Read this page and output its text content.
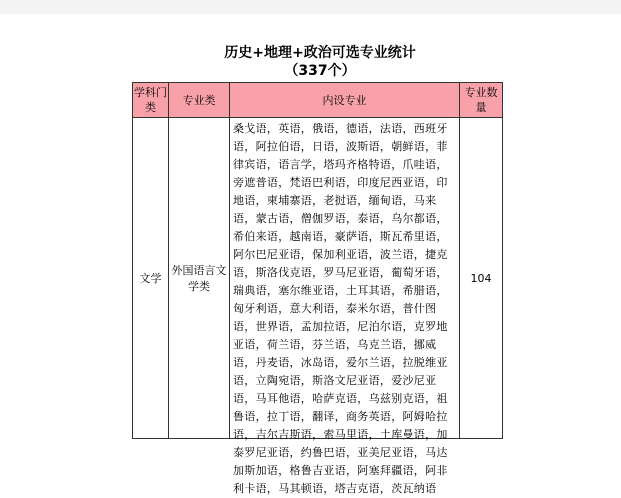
历史+地理+政治可选专业统计
（337个）
学科门类	专业类	内设专业	专业数量
文学	外国语言文学类	桑戈语，英语，俄语，德语，法语，西班牙语，阿拉伯语，日语，波斯语，朝鲜语，菲律宾语，语言学，塔玛齐格特语，爪哇语，旁遮普语，梵语巴利语，印度尼西亚语，印地语，柬埔寨语，老挝语，缅甸语，马来语，蒙古语，僧伽罗语，泰语，乌尔都语，希伯来语，越南语，豪萨语，斯瓦希里语，阿尔巴尼亚语，保加利亚语，波兰语，捷克语，斯洛伐克语，罗马尼亚语，葡萄牙语，瑞典语，塞尔维亚语，土耳其语，希腊语，匈牙利语，意大利语，泰米尔语，普什图语，世界语，孟加拉语，尼泊尔语，克罗地亚语，荷兰语，芬兰语，乌克兰语，挪威语，丹麦语，冰岛语，爱尔兰语，拉脱维亚语，立陶宛语，斯洛文尼亚语，爱沙尼亚语，马耳他语，哈萨克语，乌兹别克语，祖鲁语，拉丁语，翻译，商务英语，阿姆哈拉语，吉尔吉斯语，索马里语，土库曼语，加泰罗尼亚语，约鲁巴语，亚美尼亚语，马达加斯加语，格鲁吉亚语，阿塞拜疆语，阿非利卡语，马其顿语，塔吉克语，茨瓦纳语	104
